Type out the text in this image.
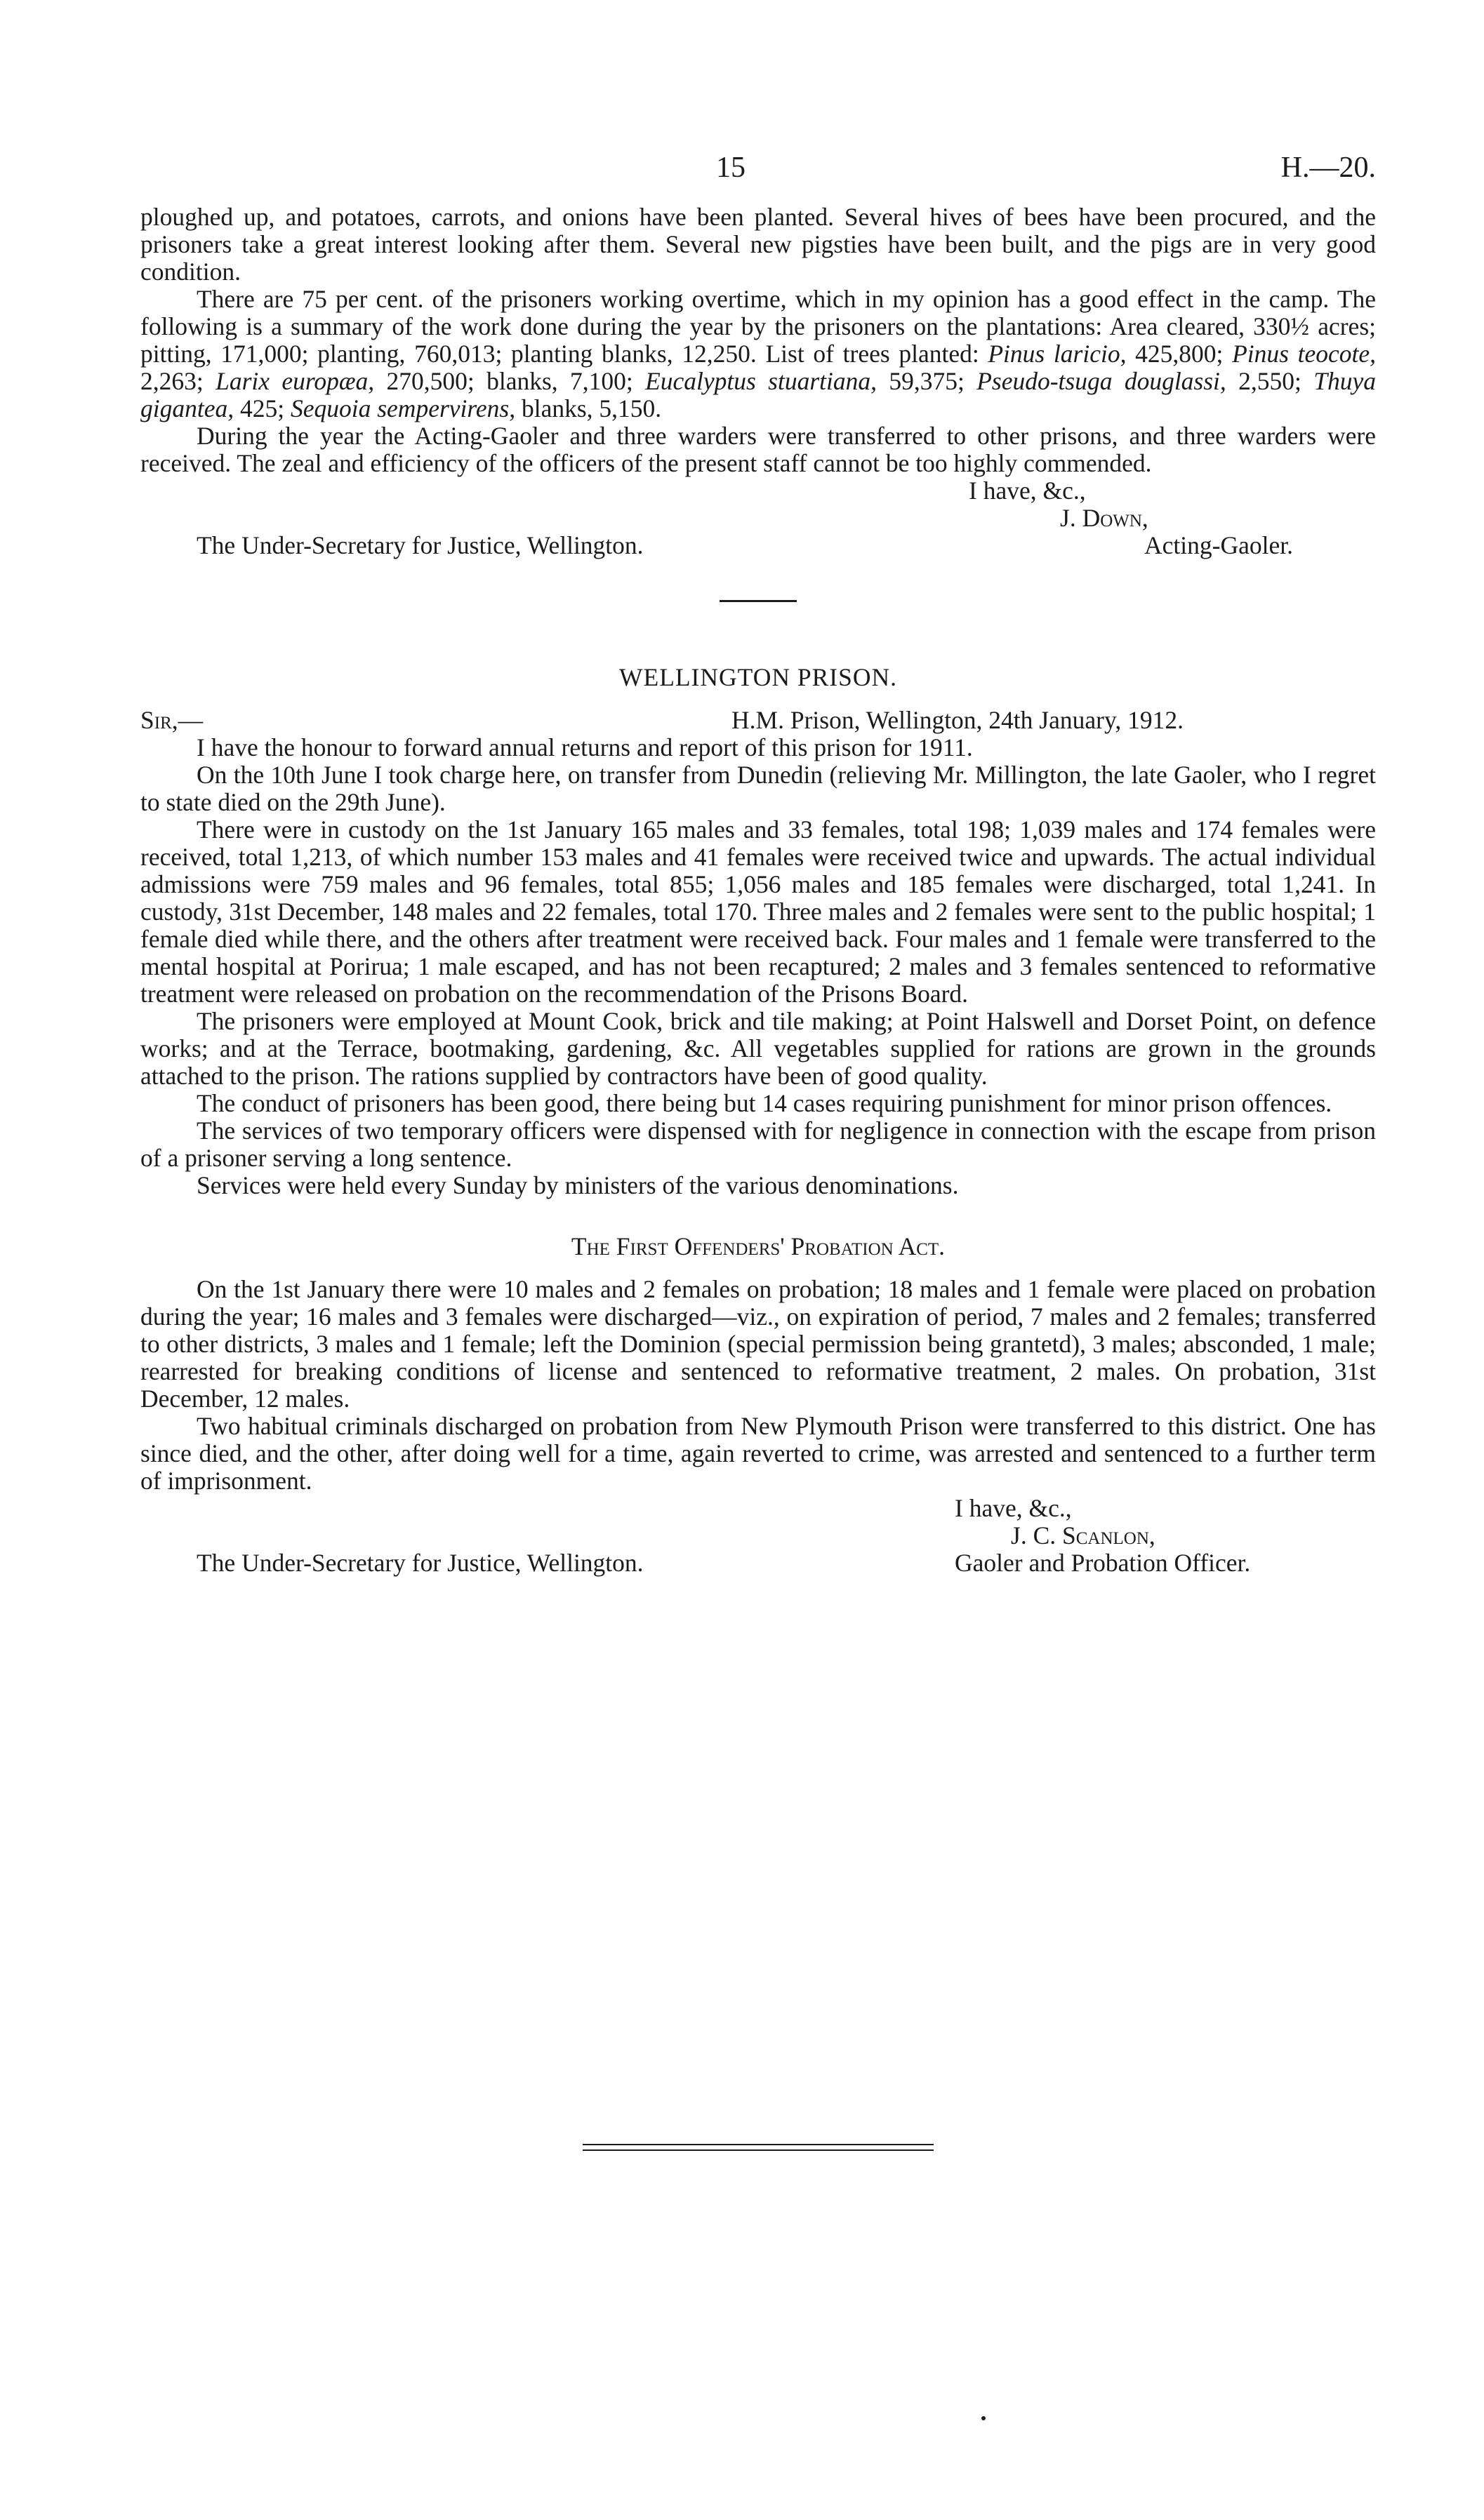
15	H.—20.

ploughed up, and potatoes, carrots, and onions have been planted. Several hives of bees have been procured, and the prisoners take a great interest looking after them. Several new pigsties have been built, and the pigs are in very good condition.

There are 75 per cent. of the prisoners working overtime, which in my opinion has a good effect in the camp. The following is a summary of the work done during the year by the prisoners on the plantations: Area cleared, 330½ acres; pitting, 171,000; planting, 760,013; planting blanks, 12,250. List of trees planted: Pinus laricio, 425,800; Pinus teocote, 2,263; Larix europæa, 270,500; blanks, 7,100; Eucalyptus stuartiana, 59,375; Pseudo-tsuga douglassi, 2,550; Thuya gigantea, 425; Sequoia sempervirens, blanks, 5,150.

During the year the Acting-Gaoler and three warders were transferred to other prisons, and three warders were received. The zeal and efficiency of the officers of the present staff cannot be too highly commended.

I have, &c.,
J. Down,
The Under-Secretary for Justice, Wellington.	Acting-Gaoler.
WELLINGTON PRISON.
Sir,—	H.M. Prison, Wellington, 24th January, 1912.

I have the honour to forward annual returns and report of this prison for 1911.

On the 10th June I took charge here, on transfer from Dunedin (relieving Mr. Millington, the late Gaoler, who I regret to state died on the 29th June).

There were in custody on the 1st January 165 males and 33 females, total 198; 1,039 males and 174 females were received, total 1,213, of which number 153 males and 41 females were received twice and upwards. The actual individual admissions were 759 males and 96 females, total 855; 1,056 males and 185 females were discharged, total 1,241. In custody, 31st December, 148 males and 22 females, total 170. Three males and 2 females were sent to the public hospital; 1 female died while there, and the others after treatment were received back. Four males and 1 female were transferred to the mental hospital at Porirua; 1 male escaped, and has not been recaptured; 2 males and 3 females sentenced to reformative treatment were released on probation on the recommendation of the Prisons Board.

The prisoners were employed at Mount Cook, brick and tile making; at Point Halswell and Dorset Point, on defence works; and at the Terrace, bootmaking, gardening, &c. All vegetables supplied for rations are grown in the grounds attached to the prison. The rations supplied by contractors have been of good quality.

The conduct of prisoners has been good, there being but 14 cases requiring punishment for minor prison offences.

The services of two temporary officers were dispensed with for negligence in connection with the escape from prison of a prisoner serving a long sentence.

Services were held every Sunday by ministers of the various denominations.

The First Offenders' Probation Act.

On the 1st January there were 10 males and 2 females on probation; 18 males and 1 female were placed on probation during the year; 16 males and 3 females were discharged—viz., on expiration of period, 7 males and 2 females; transferred to other districts, 3 males and 1 female; left the Dominion (special permission being grantetd), 3 males; absconded, 1 male; rearrested for breaking conditions of license and sentenced to reformative treatment, 2 males. On probation, 31st December, 12 males.

Two habitual criminals discharged on probation from New Plymouth Prison were transferred to this district. One has since died, and the other, after doing well for a time, again reverted to crime, was arrested and sentenced to a further term of imprisonment.

I have, &c.,
J. C. Scanlon,
The Under-Secretary for Justice, Wellington.	Gaoler and Probation Officer.
